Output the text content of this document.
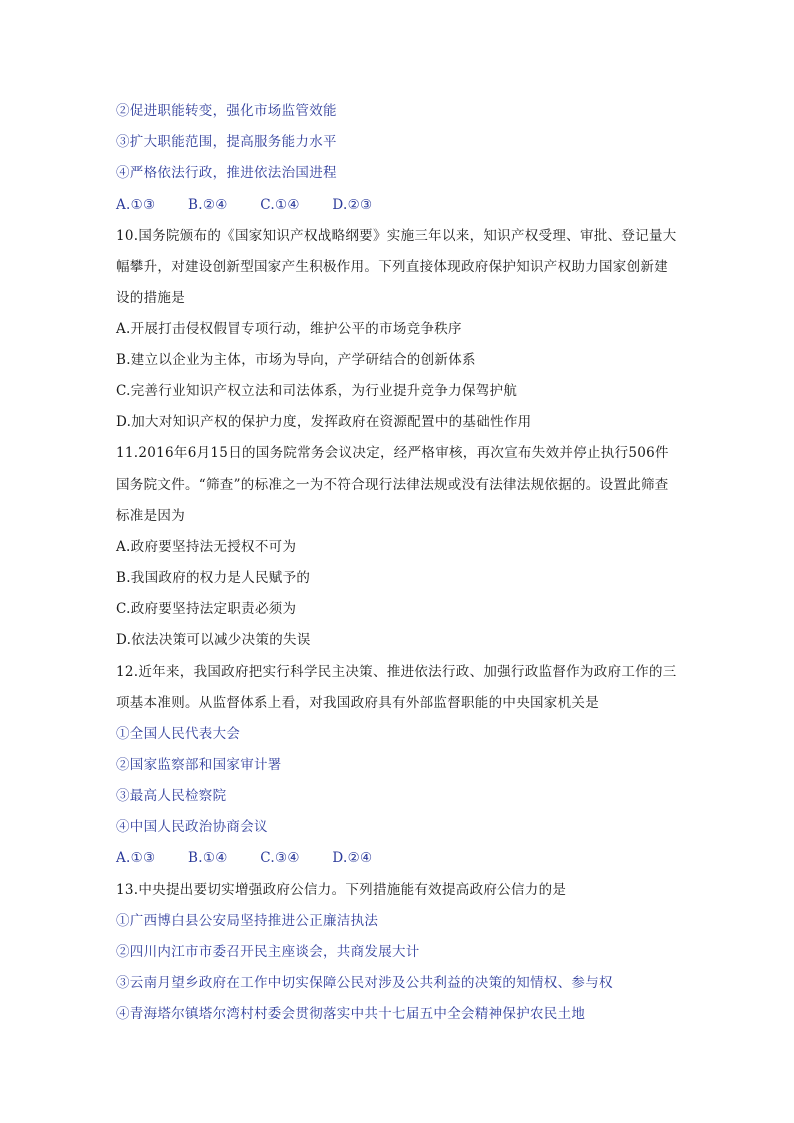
②促进职能转变，强化市场监管效能
③扩大职能范围，提高服务能力水平
④严格依法行政，推进依法治国进程
A.①③ B.②④ C.①④ D.②③
10.国务院颁布的《国家知识产权战略纲要》实施三年以来，知识产权受理、审批、登记量大
幅攀升，对建设创新型国家产生积极作用。下列直接体现政府保护知识产权助力国家创新建
设的措施是
A.开展打击侵权假冒专项行动，维护公平的市场竞争秩序
B.建立以企业为主体，市场为导向，产学研结合的创新体系
C.完善行业知识产权立法和司法体系，为行业提升竞争力保驾护航
D.加大对知识产权的保护力度，发挥政府在资源配置中的基础性作用
11.2016年6月15日的国务院常务会议决定，经严格审核，再次宣布失效并停止执行506件
国务院文件。“筛查”的标准之一为不符合现行法律法规或没有法律法规依据的。设置此筛查
标准是因为
A.政府要坚持法无授权不可为
B.我国政府的权力是人民赋予的
C.政府要坚持法定职责必须为
D.依法决策可以减少决策的失误
12.近年来，我国政府把实行科学民主决策、推进依法行政、加强行政监督作为政府工作的三
项基本准则。从监督体系上看，对我国政府具有外部监督职能的中央国家机关是
①全国人民代表大会
②国家监察部和国家审计署
③最高人民检察院
④中国人民政治协商会议
A.①③ B.①④ C.③④ D.②④
13.中央提出要切实增强政府公信力。下列措施能有效提高政府公信力的是
①广西博白县公安局坚持推进公正廉洁执法
②四川内江市市委召开民主座谈会，共商发展大计
③云南月望乡政府在工作中切实保障公民对涉及公共利益的决策的知情权、参与权
④青海塔尔镇塔尔湾村村委会贯彻落实中共十七届五中全会精神保护农民土地
